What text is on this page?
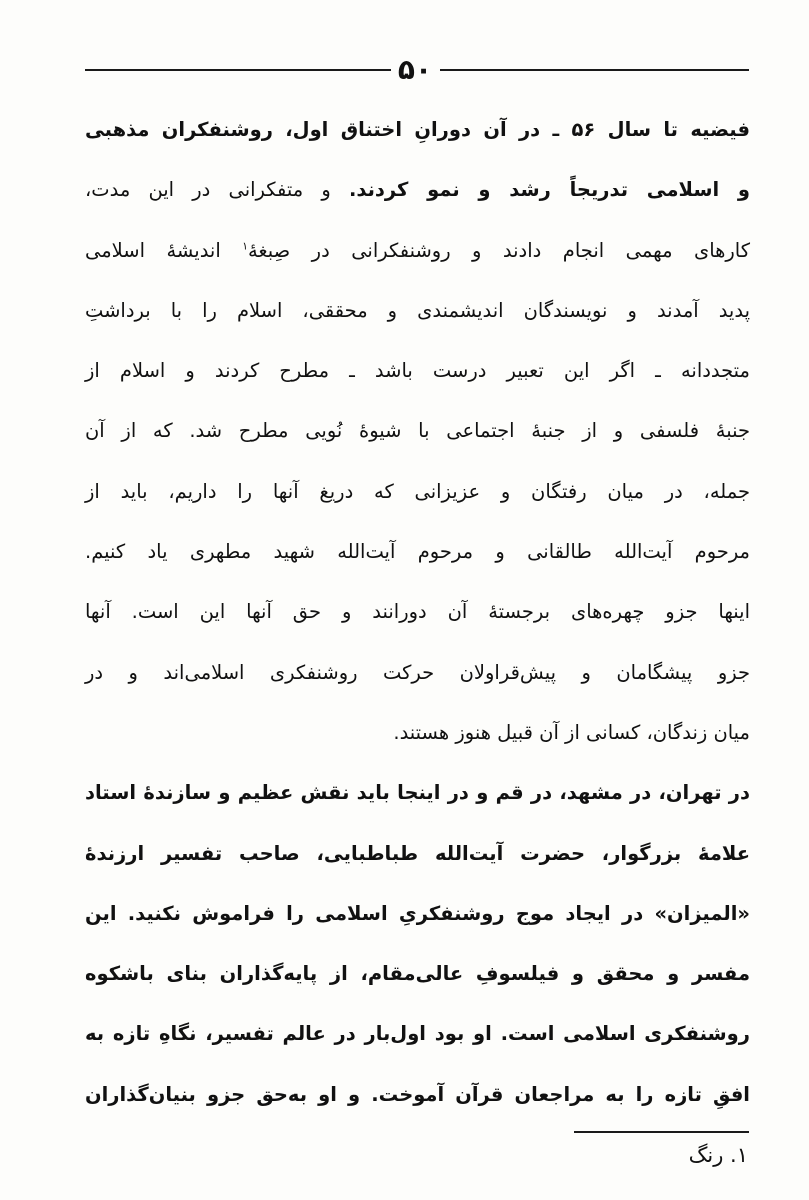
۵۰
فیضیه تا سال ۵۶ ـ در آن دورانِ اختناق اول، روشنفکران مذهبی
و اسلامی تدریجاً رشد و نمو کردند. و متفکرانی در این مدت،
کارهای مهمی انجام دادند و روشنفکرانی در صِبغهٔ$^۱$ اندیشهٔ اسلامی
پدید آمدند و نویسندگان اندیشمندی و محققی، اسلام را با برداشتِ
متجددانه ـ اگر این تعبیر درست باشد ـ مطرح کردند و اسلام از
جنبهٔ فلسفی و از جنبهٔ اجتماعی با شیوهٔ نُویی مطرح شد. که از آن
جمله، در میان رفتگان و عزیزانی که دریغ آنها را داریم، باید از
مرحوم آیت‌الله طالقانی و مرحوم آیت‌الله شهید مطهری یاد کنیم.
اینها جزو چهره‌های برجستهٔ آن دورانند و حق آنها این است. آنها
جزو پیشگامان و پیش‌قراولان حرکت روشنفکری اسلامی‌اند و در
میان زندگان، کسانی از آن قبیل هنوز هستند.
در تهران، در مشهد، در قم و در اینجا باید نقش عظیم و سازندهٔ استاد
علامهٔ بزرگوار، حضرت آیت‌الله طباطبایی، صاحب تفسیر ارزندهٔ
«المیزان» در ایجاد موج روشنفکریِ اسلامی را فراموش نکنید. این
مفسر و محقق و فیلسوفِ عالی‌مقام، از پایه‌گذاران بنای باشکوه
روشنفکری اسلامی است. او بود اول‌بار در عالم تفسیر، نگاهِ تازه به
افقِ تازه را به مراجعان قرآن آموخت. و او به‌حق جزو بنیان‌گذاران
۱. رنگ
